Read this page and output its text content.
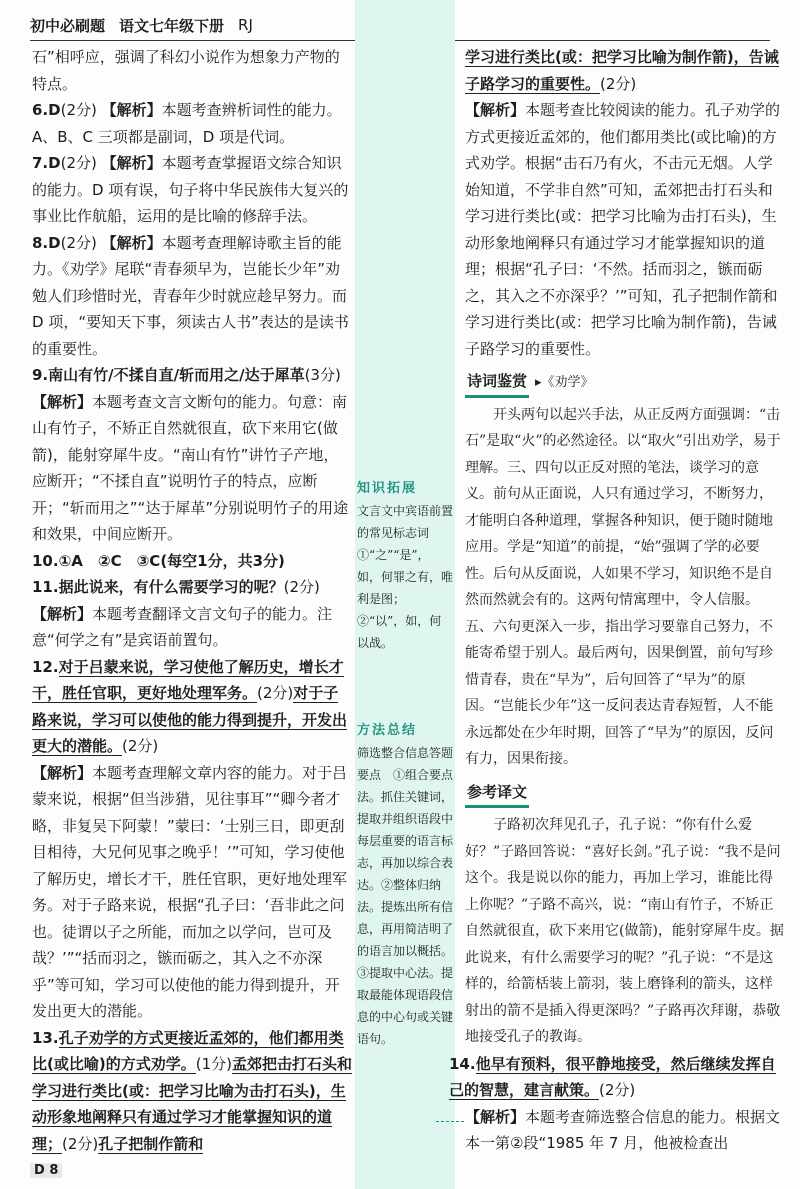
初中必刷题 语文七年级下册 RJ
知识拓展
文言文中宾语前置的常见标志词　①“之”“是”，如，何罪之有，唯利是图；②“以”，如，何以战。
方法总结
筛选整合信息答题要点　①组合要点法。抓住关键词，提取并组织语段中每层重要的语言标志，再加以综合表达。②整体归纳法。提炼出所有信息，再用简洁明了的语言加以概括。③提取中心法。提取最能体现语段信息的中心句或关键语句。

石”相呼应，强调了科幻小说作为想象力产物的特点。

6.D(2分) 【解析】本题考查辨析词性的能力。A、B、C 三项都是副词，D 项是代词。

7.D(2分) 【解析】本题考查掌握语文综合知识的能力。D 项有误，句子将中华民族伟大复兴的事业比作航船，运用的是比喻的修辞手法。

8.D(2分) 【解析】本题考查理解诗歌主旨的能力。《劝学》尾联“青春须早为，岂能长少年”劝勉人们珍惜时光，青春年少时就应趁早努力。而 D 项，“要知天下事，须读古人书”表达的是读书的重要性。

9.南山有竹/不揉自直/斩而用之/达于犀革(3分)

【解析】本题考查文言文断句的能力。句意：南山有竹子，不矫正自然就很直，砍下来用它(做箭)，能射穿犀牛皮。“南山有竹”讲竹子产地，应断开；“不揉自直”说明竹子的特点，应断开；“斩而用之”“达于犀革”分别说明竹子的用途和效果，中间应断开。

10.①A　②C　③C(每空1分，共3分)

11.据此说来，有什么需要学习的呢？(2分)

【解析】本题考查翻译文言文句子的能力。注意“何学之有”是宾语前置句。

12.对于吕蒙来说，学习使他了解历史，增长才干，胜任官职，更好地处理军务。(2分)对于子路来说，学习可以使他的能力得到提升，开发出更大的潜能。(2分)

【解析】本题考查理解文章内容的能力。对于吕蒙来说，根据“但当涉猎，见往事耳”“卿今者才略，非复吴下阿蒙！”蒙曰：‘士别三日，即更刮目相待，大兄何见事之晚乎！’”可知，学习使他了解历史，增长才干，胜任官职，更好地处理军务。对于子路来说，根据“孔子曰：‘吾非此之问也。徒谓以子之所能，而加之以学问，岂可及哉？’”“括而羽之，镞而砺之，其入之不亦深乎”等可知，学习可以使他的能力得到提升，开发出更大的潜能。

13.孔子劝学的方式更接近孟郊的，他们都用类比(或比喻)的方式劝学。(1分)孟郊把击打石头和学习进行类比(或：把学习比喻为击打石头)，生动形象地阐释只有通过学习才能掌握知识的道理；(2分)孔子把制作箭和

学习进行类比(或：把学习比喻为制作箭)，告诫子路学习的重要性。(2分)

【解析】本题考查比较阅读的能力。孔子劝学的方式更接近孟郊的，他们都用类比(或比喻)的方式劝学。根据“击石乃有火，不击元无烟。人学始知道，不学非自然”可知，孟郊把击打石头和学习进行类比(或：把学习比喻为击打石头)，生动形象地阐释只有通过学习才能掌握知识的道理；根据“孔子曰：‘不然。括而羽之，镞而砺之，其入之不亦深乎？’”可知，孔子把制作箭和学习进行类比(或：把学习比喻为制作箭)，告诫子路学习的重要性。

诗词鉴赏 ▸《劝学》

开头两句以起兴手法，从正反两方面强调：“击石”是取“火”的必然途径。以“取火”引出劝学，易于理解。三、四句以正反对照的笔法，谈学习的意义。前句从正面说，人只有通过学习，不断努力，才能明白各种道理，掌握各种知识，便于随时随地应用。学是“知道”的前提，“始”强调了学的必要性。后句从反面说，人如果不学习，知识绝不是自然而然就会有的。这两句情寓理中，令人信服。五、六句更深入一步，指出学习要靠自己努力，不能寄希望于别人。最后两句，因果倒置，前句写珍惜青春，贵在“早为”，后句回答了“早为”的原因。“岂能长少年”这一反问表达青春短暂，人不能永远都处在少年时期，回答了“早为”的原因，反问有力，因果衔接。

参考译文

子路初次拜见孔子，孔子说：“你有什么爱好？”子路回答说：“喜好长剑。”孔子说：“我不是问这个。我是说以你的能力，再加上学习，谁能比得上你呢？”子路不高兴，说：“南山有竹子，不矫正自然就很直，砍下来用它(做箭)，能射穿犀牛皮。据此说来，有什么需要学习的呢？”孔子说：“不是这样的，给箭栝装上箭羽，装上磨锋利的箭头，这样射出的箭不是插入得更深吗？”子路再次拜谢，恭敬地接受孔子的教诲。

14.他早有预料，很平静地接受，然后继续发挥自己的智慧，建言献策。(2分)

【解析】本题考查筛选整合信息的能力。根据文本一第②段“1985 年 7 月，他被检查出

D 8
